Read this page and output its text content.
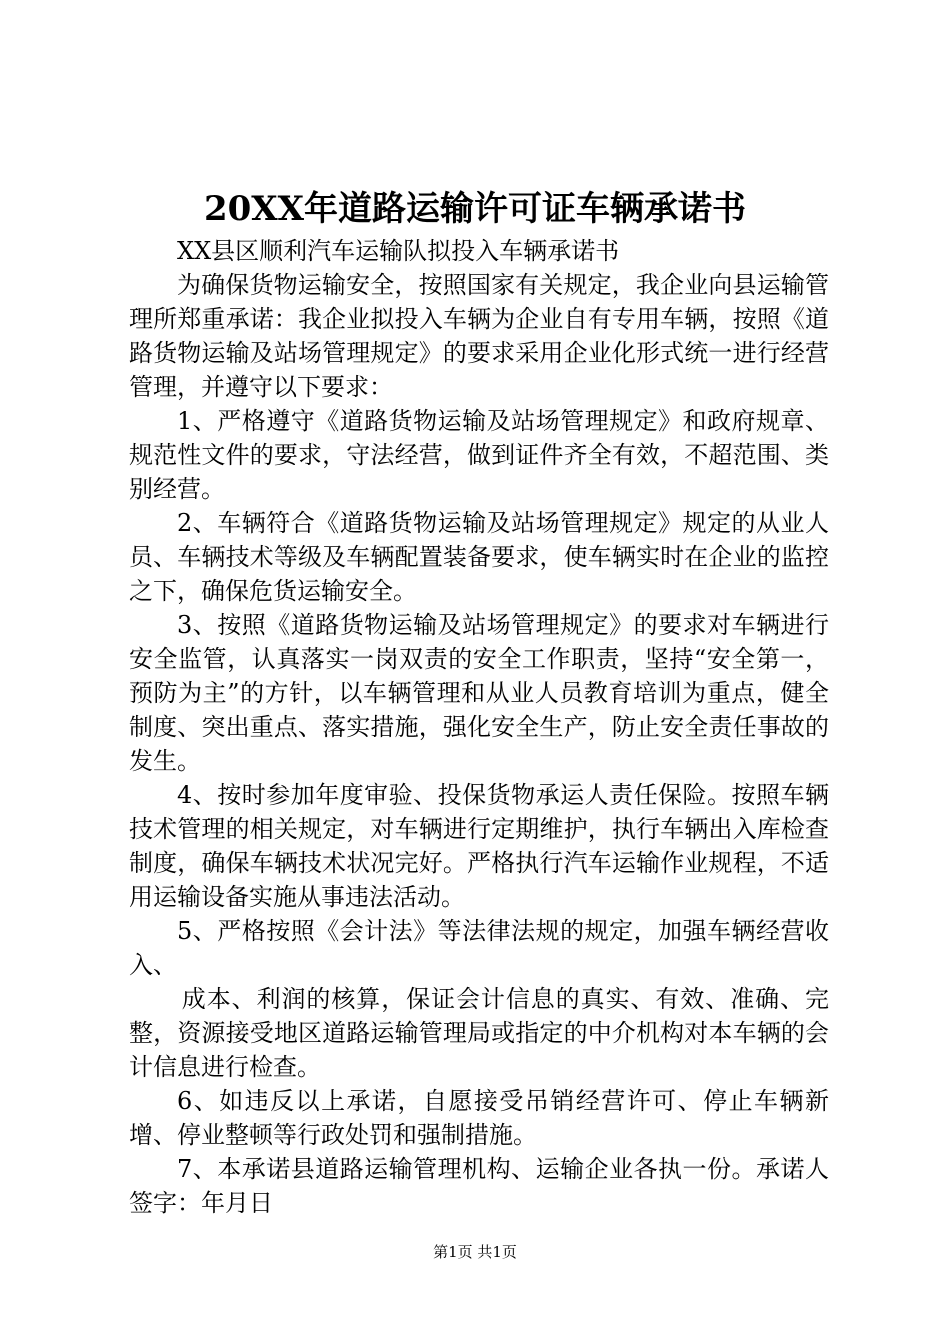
20XX年道路运输许可证车辆承诺书

XX县区顺利汽车运输队拟投入车辆承诺书

为确保货物运输安全，按照国家有关规定，我企业向县运输管理所郑重承诺：我企业拟投入车辆为企业自有专用车辆，按照《道路货物运输及站场管理规定》的要求采用企业化形式统一进行经营管理，并遵守以下要求：

1、严格遵守《道路货物运输及站场管理规定》和政府规章、规范性文件的要求，守法经营，做到证件齐全有效，不超范围、类别经营。

2、车辆符合《道路货物运输及站场管理规定》规定的从业人员、车辆技术等级及车辆配置装备要求，使车辆实时在企业的监控之下，确保危货运输安全。

3、按照《道路货物运输及站场管理规定》的要求对车辆进行安全监管，认真落实一岗双责的安全工作职责，坚持“安全第一，预防为主”的方针，以车辆管理和从业人员教育培训为重点，健全制度、突出重点、落实措施，强化安全生产，防止安全责任事故的发生。

4、按时参加年度审验、投保货物承运人责任保险。按照车辆技术管理的相关规定，对车辆进行定期维护，执行车辆出入库检查制度，确保车辆技术状况完好。严格执行汽车运输作业规程，不适用运输设备实施从事违法活动。

5、严格按照《会计法》等法律法规的规定，加强车辆经营收入、

成本、利润的核算，保证会计信息的真实、有效、准确、完整，资源接受地区道路运输管理局或指定的中介机构对本车辆的会计信息进行检查。

6、如违反以上承诺，自愿接受吊销经营许可、停止车辆新增、停业整顿等行政处罚和强制措施。

7、本承诺县道路运输管理机构、运输企业各执一份。承诺人签字：年月日

第1页 共1页
